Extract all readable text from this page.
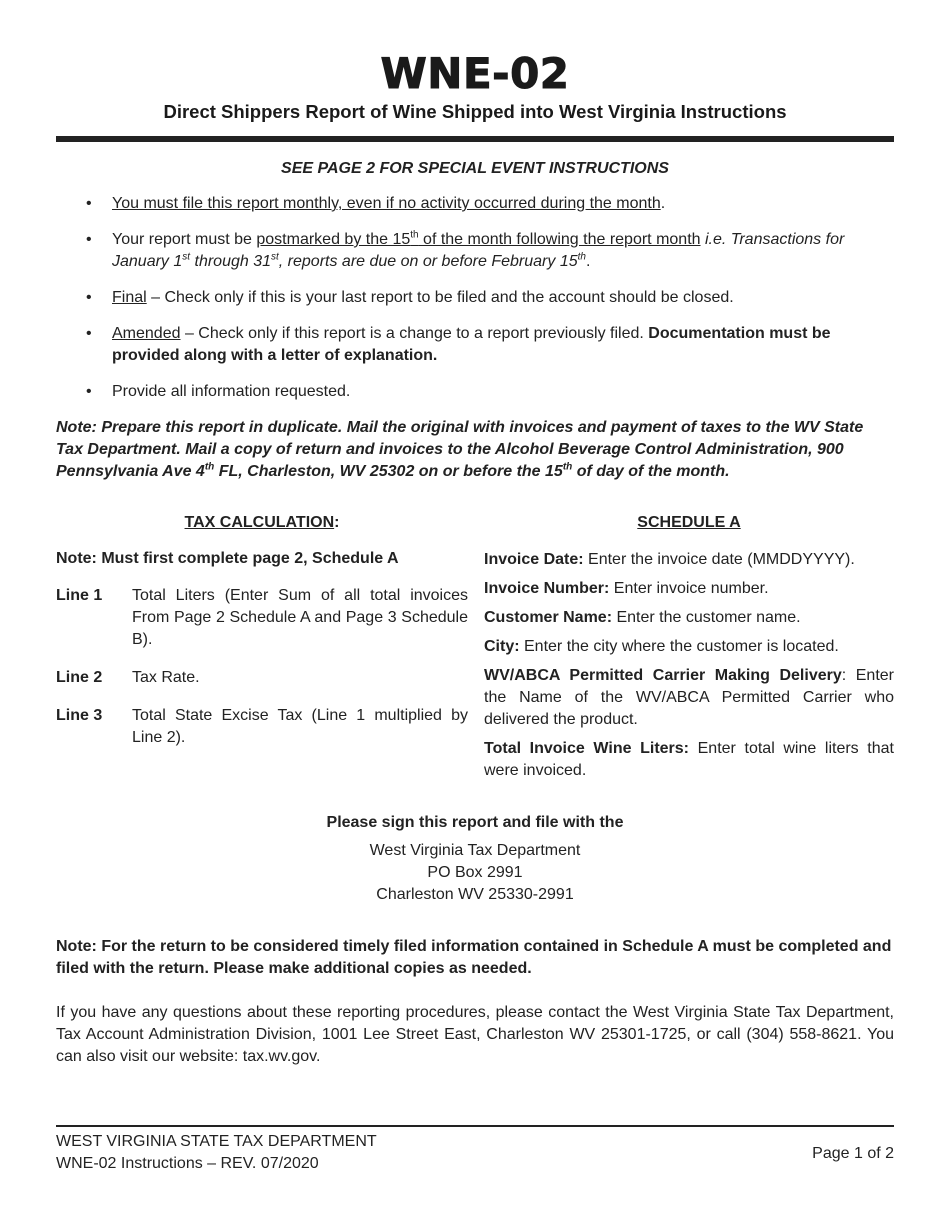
WNE-02
Direct Shippers Report of Wine Shipped into West Virginia Instructions
SEE PAGE 2 FOR SPECIAL EVENT INSTRUCTIONS
• You must file this report monthly, even if no activity occurred during the month.
• Your report must be postmarked by the 15th of the month following the report month i.e. Transactions for January 1st through 31st, reports are due on or before February 15th.
• Final – Check only if this is your last report to be filed and the account should be closed.
• Amended – Check only if this report is a change to a report previously filed. Documentation must be provided along with a letter of explanation.
• Provide all information requested.
Note: Prepare this report in duplicate. Mail the original with invoices and payment of taxes to the WV State Tax Department. Mail a copy of return and invoices to the Alcohol Beverage Control Administration, 900 Pennsylvania Ave 4th FL, Charleston, WV 25302 on or before the 15th of day of the month.
TAX CALCULATION:
Note: Must first complete page 2, Schedule A
Line 1	Total Liters (Enter Sum of all total invoices From Page 2 Schedule A and Page 3 Schedule B).
Line 2	Tax Rate.
Line 3	Total State Excise Tax (Line 1 multiplied by Line 2).
SCHEDULE A
Invoice Date: Enter the invoice date (MMDDYYYY).
Invoice Number: Enter invoice number.
Customer Name: Enter the customer name.
City: Enter the city where the customer is located.
WV/ABCA Permitted Carrier Making Delivery: Enter the Name of the WV/ABCA Permitted Carrier who delivered the product.
Total Invoice Wine Liters: Enter total wine liters that were invoiced.
Please sign this report and file with the
West Virginia Tax Department
PO Box 2991
Charleston WV 25330-2991
Note: For the return to be considered timely filed information contained in Schedule A must be completed and filed with the return. Please make additional copies as needed.
If you have any questions about these reporting procedures, please contact the West Virginia State Tax Department, Tax Account Administration Division, 1001 Lee Street East, Charleston WV 25301-1725, or call (304) 558-8621. You can also visit our website: tax.wv.gov.
WEST VIRGINIA STATE TAX DEPARTMENT
WNE-02 Instructions – REV. 07/2020
Page 1 of 2
